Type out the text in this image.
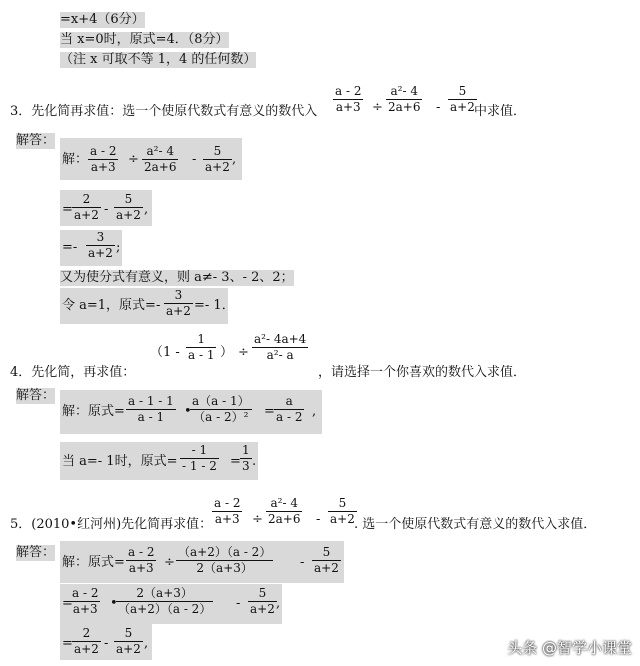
=x+4（6分）
当 x=0时，原式=4．（8分）
（注 x 可取不等 1，4 的任何数）
3．先化简再求值：选一个使原代数式有意义的数代入
a - 2
a+3 ÷
a²- 4
2a+6 -
5
a+2 中求值．
解答：
解：
a - 2
a+3 ÷
a²- 4
2a+6 -
5
a+2 ,
=
2
a+2 -
5
a+2 ,
=-
3
a+2 ;
又为使分式有意义，则 a≠- 3、- 2、2；
令 a=1，原式=-
3
a+2 =- 1．
4．先化简，再求值：
（1 -
1
a - 1 ） ÷
a²- 4a+4
a²- a
，请选择一个你喜欢的数代入求值．
解答：
解：原式=
a - 1 - 1
a - 1 •
a（a - 1）
（a - 2）² =
a
a - 2 ,
当 a=- 1时，原式=
- 1
- 1 - 2 =
1
3 .
5．(2010•红河州)先化简再求值：
a - 2
a+3 ÷
a²- 4
2a+6 -
5
a+2 . 选一个使原代数式有意义的数代入求值．
解答：
解：原式=
a - 2
a+3 ÷
（a+2）（a - 2）
2（a+3）	-
5
a+2
=
a - 2
a+3 •
2（a+3）
（a+2）（a - 2） -
5
a+2 ,
=
2
a+2 -
5
a+2 ,	头条 @智学小课堂
